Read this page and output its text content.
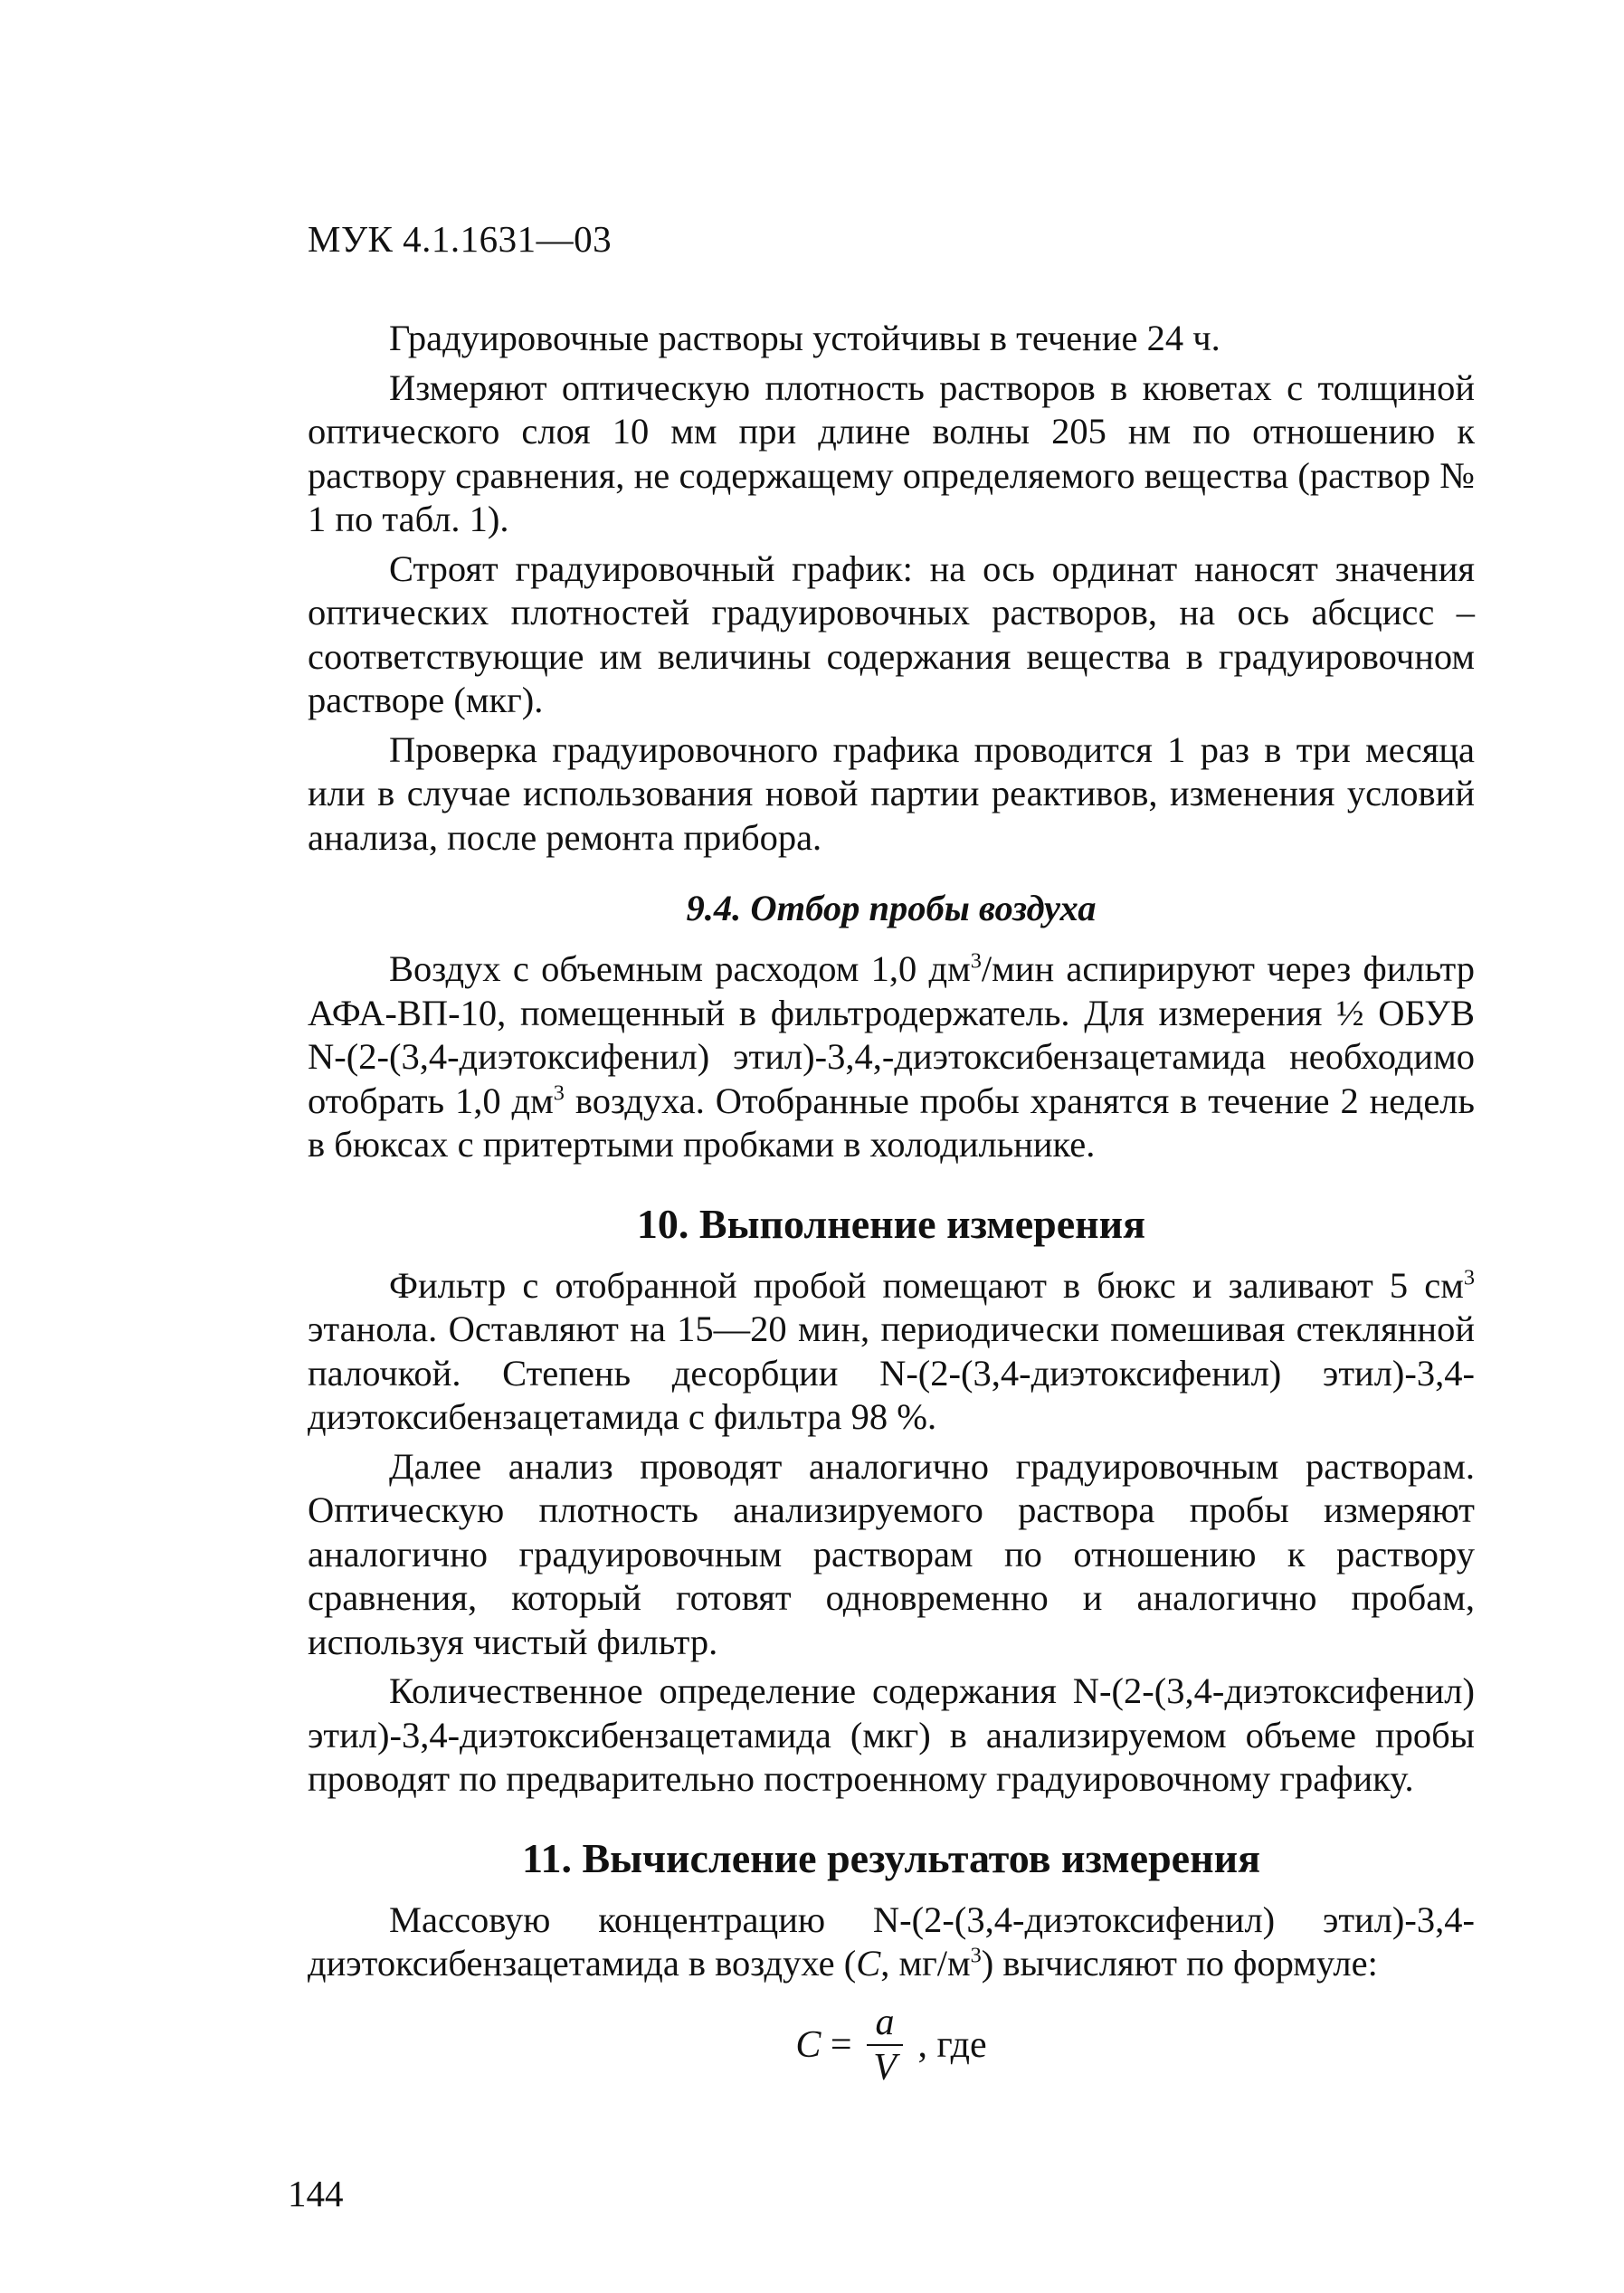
МУК 4.1.1631—03

Градуировочные растворы устойчивы в течение 24 ч.

Измеряют оптическую плотность растворов в кюветах с толщиной оптического слоя 10 мм при длине волны 205 нм по отношению к раствору сравнения, не содержащему определяемого вещества (раствор № 1 по табл. 1).

Строят градуировочный график: на ось ординат наносят значения оптических плотностей градуировочных растворов, на ось абсцисс – соответствующие им величины содержания вещества в градуировочном растворе (мкг).

Проверка градуировочного графика проводится 1 раз в три месяца или в случае использования новой партии реактивов, изменения условий анализа, после ремонта прибора.

9.4. Отбор пробы воздуха

Воздух с объемным расходом 1,0 $дм^3$/мин аспирируют через фильтр АФА-ВП-10, помещенный в фильтродержатель. Для измерения ½ ОБУВ N-(2-(3,4-диэтоксифенил) этил)-3,4,-диэтоксибензацетамида необходимо отобрать 1,0 $дм^3$ воздуха. Отобранные пробы хранятся в течение 2 недель в бюксах с притертыми пробками в холодильнике.

10. Выполнение измерения

Фильтр с отобранной пробой помещают в бюкс и заливают 5 $см^3$ этанола. Оставляют на 15—20 мин, периодически помешивая стеклянной палочкой. Степень десорбции N-(2-(3,4-диэтоксифенил) этил)-3,4-диэтоксибензацетамида с фильтра 98 %.

Далее анализ проводят аналогично градуировочным растворам. Оптическую плотность анализируемого раствора пробы измеряют аналогично градуировочным растворам по отношению к раствору сравнения, который готовят одновременно и аналогично пробам, используя чистый фильтр.

Количественное определение содержания N-(2-(3,4-диэтоксифенил) этил)-3,4-диэтоксибензацетамида (мкг) в анализируемом объеме пробы проводят по предварительно построенному градуировочному графику.

11. Вычисление результатов измерения

Массовую концентрацию N-(2-(3,4-диэтоксифенил) этил)-3,4-диэтоксибензацетамида в воздухе (C, $мг/м^3$) вычисляют по формуле:

$C = \frac{a}{V}$ , где
144
